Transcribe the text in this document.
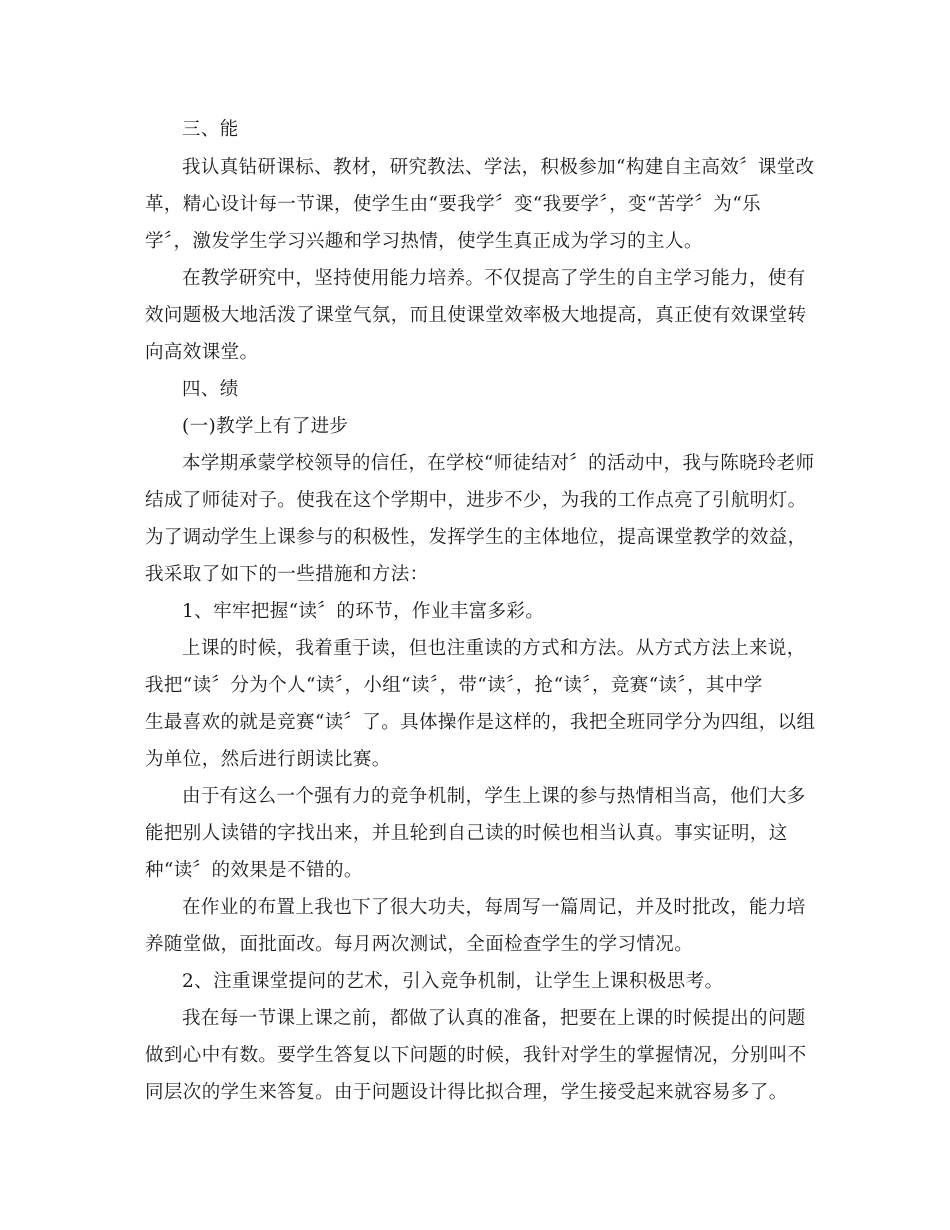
三、能
我认真钻研课标、教材，研究教法、学法，积极参加“构建自主高效〞课堂改
革，精心设计每一节课，使学生由“要我学〞变“我要学〞，变“苦学〞为“乐
学〞，激发学生学习兴趣和学习热情，使学生真正成为学习的主人。
在教学研究中，坚持使用能力培养。不仅提高了学生的自主学习能力，使有
效问题极大地活泼了课堂气氛，而且使课堂效率极大地提高，真正使有效课堂转
向高效课堂。
四、绩
(一)教学上有了进步
本学期承蒙学校领导的信任，在学校“师徒结对〞的活动中，我与陈晓玲老师
结成了师徒对子。使我在这个学期中，进步不少，为我的工作点亮了引航明灯。
为了调动学生上课参与的积极性，发挥学生的主体地位，提高课堂教学的效益，
我采取了如下的一些措施和方法：
1、牢牢把握“读〞的环节，作业丰富多彩。
上课的时候，我着重于读，但也注重读的方式和方法。从方式方法上来说，
我把“读〞分为个人“读〞，小组“读〞，带“读〞，抢“读〞，竞赛“读〞，其中学
生最喜欢的就是竞赛“读〞了。具体操作是这样的，我把全班同学分为四组，以组
为单位，然后进行朗读比赛。
由于有这么一个强有力的竞争机制，学生上课的参与热情相当高，他们大多
能把别人读错的字找出来，并且轮到自己读的时候也相当认真。事实证明，这
种“读〞的效果是不错的。
在作业的布置上我也下了很大功夫，每周写一篇周记，并及时批改，能力培
养随堂做，面批面改。每月两次测试，全面检查学生的学习情况。
2、注重课堂提问的艺术，引入竞争机制，让学生上课积极思考。
我在每一节课上课之前，都做了认真的准备，把要在上课的时候提出的问题
做到心中有数。要学生答复以下问题的时候，我针对学生的掌握情况，分别叫不
同层次的学生来答复。由于问题设计得比拟合理，学生接受起来就容易多了。
